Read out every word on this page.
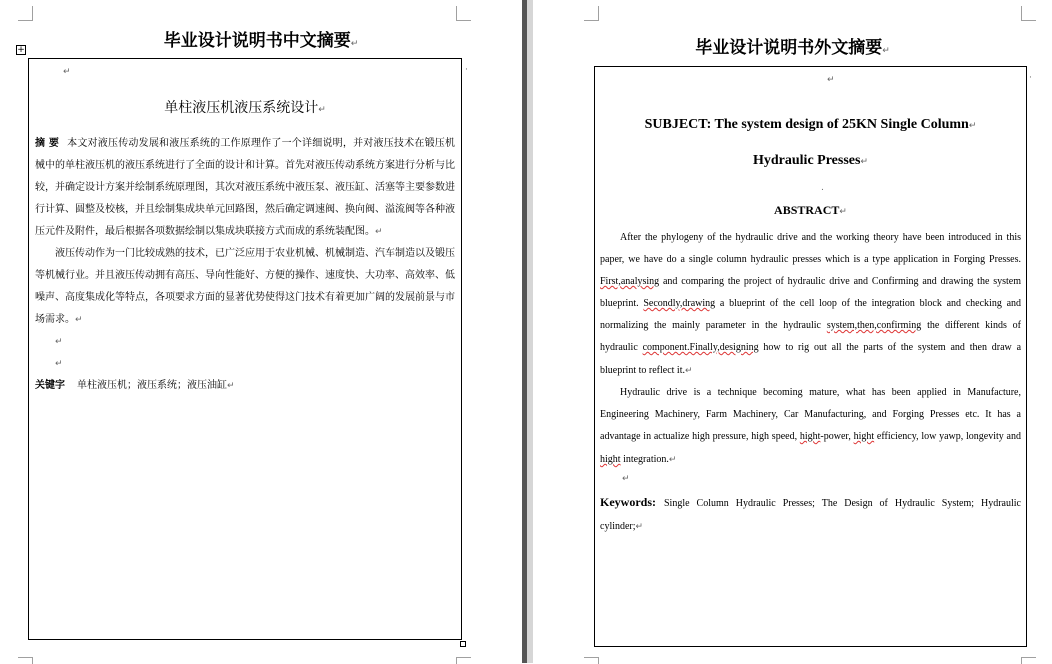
毕业设计说明书中文摘要↵
+
↵	·
单柱液压机液压系统设计↵

摘 要 本文对液压传动发展和液压系统的工作原理作了一个详细说明，并对液压技术在锻压机械中的单柱液压机的液压系统进行了全面的设计和计算。首先对液压传动系统方案进行分析与比较，并确定设计方案并绘制系统原理图，其次对液压系统中液压泵、液压缸、活塞等主要参数进行计算、圆整及校核，并且绘制集成块单元回路图，然后确定调速阀、换向阀、溢流阀等各种液压元件及附件，最后根据各项数据绘制以集成块联接方式而成的系统装配图。↵

液压传动作为一门比较成熟的技术，已广泛应用于农业机械、机械制造、汽车制造以及锻压等机械行业。并且液压传动拥有高压、导向性能好、方便的操作、速度快、大功率、高效率、低噪声、高度集成化等特点，各项要求方面的显著优势使得这门技术有着更加广阔的发展前景与市场需求。↵

↵
↵

关键字 单柱液压机；液压系统；液压油缸↵

毕业设计说明书外文摘要↵
·
↵
SUBJECT: The system design of 25KN Single Column↵
Hydraulic Presses↵
.
ABSTRACT↵

After the phylogeny of the hydraulic drive and the working theory have been introduced in this paper, we have do a single column hydraulic presses which is a type application in Forging Presses. First,analysing and comparing the project of hydraulic drive and Confirming and drawing the system blueprint. Secondly,drawing a blueprint of the cell loop of the integration block and checking and normalizing the mainly parameter in the hydraulic system,then,confirming the different kinds of hydraulic component.Finally,designing how to rig out all the parts of the system and then draw a blueprint to reflect it.↵

Hydraulic drive is a technique becoming mature, what has been applied in Manufacture, Engineering Machinery, Farm Machinery, Car Manufacturing, and Forging Presses etc. It has a advantage in actualize high pressure, high speed, hight-power, hight efficiency, low yawp, longevity and hight integration.↵

↵

Keywords: Single Column Hydraulic Presses; The Design of Hydraulic System; Hydraulic cylinder;↵
